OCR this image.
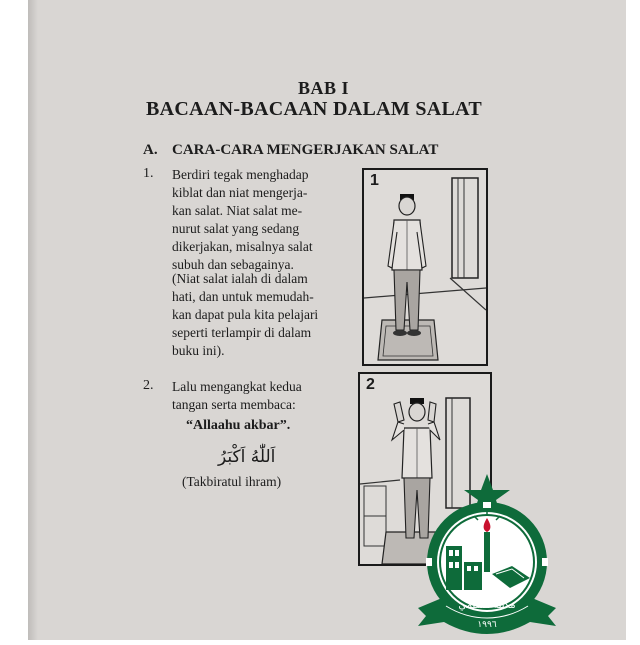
BAB I
BACAAN-BACAAN DALAM SALAT
A. CARA-CARA MENGERJAKAN SALAT
1. Berdiri tegak menghadap
kiblat dan niat mengerja-
kan salat. Niat salat me-
nurut salat yang sedang
dikerjakan, misalnya salat
subuh dan sebagainya.
(Niat salat ialah di dalam
hati, dan untuk memudah-
kan dapat pula kita pelajari
seperti terlampir di dalam
buku ini).
1
2. Lalu mengangkat kedua
tangan serta membaca:
“Allaahu akbar”.
اَللّٰهُ اَكْبَرُ
(Takbiratul ihram)
2
مكتبة التميمي
١٩٩٦
